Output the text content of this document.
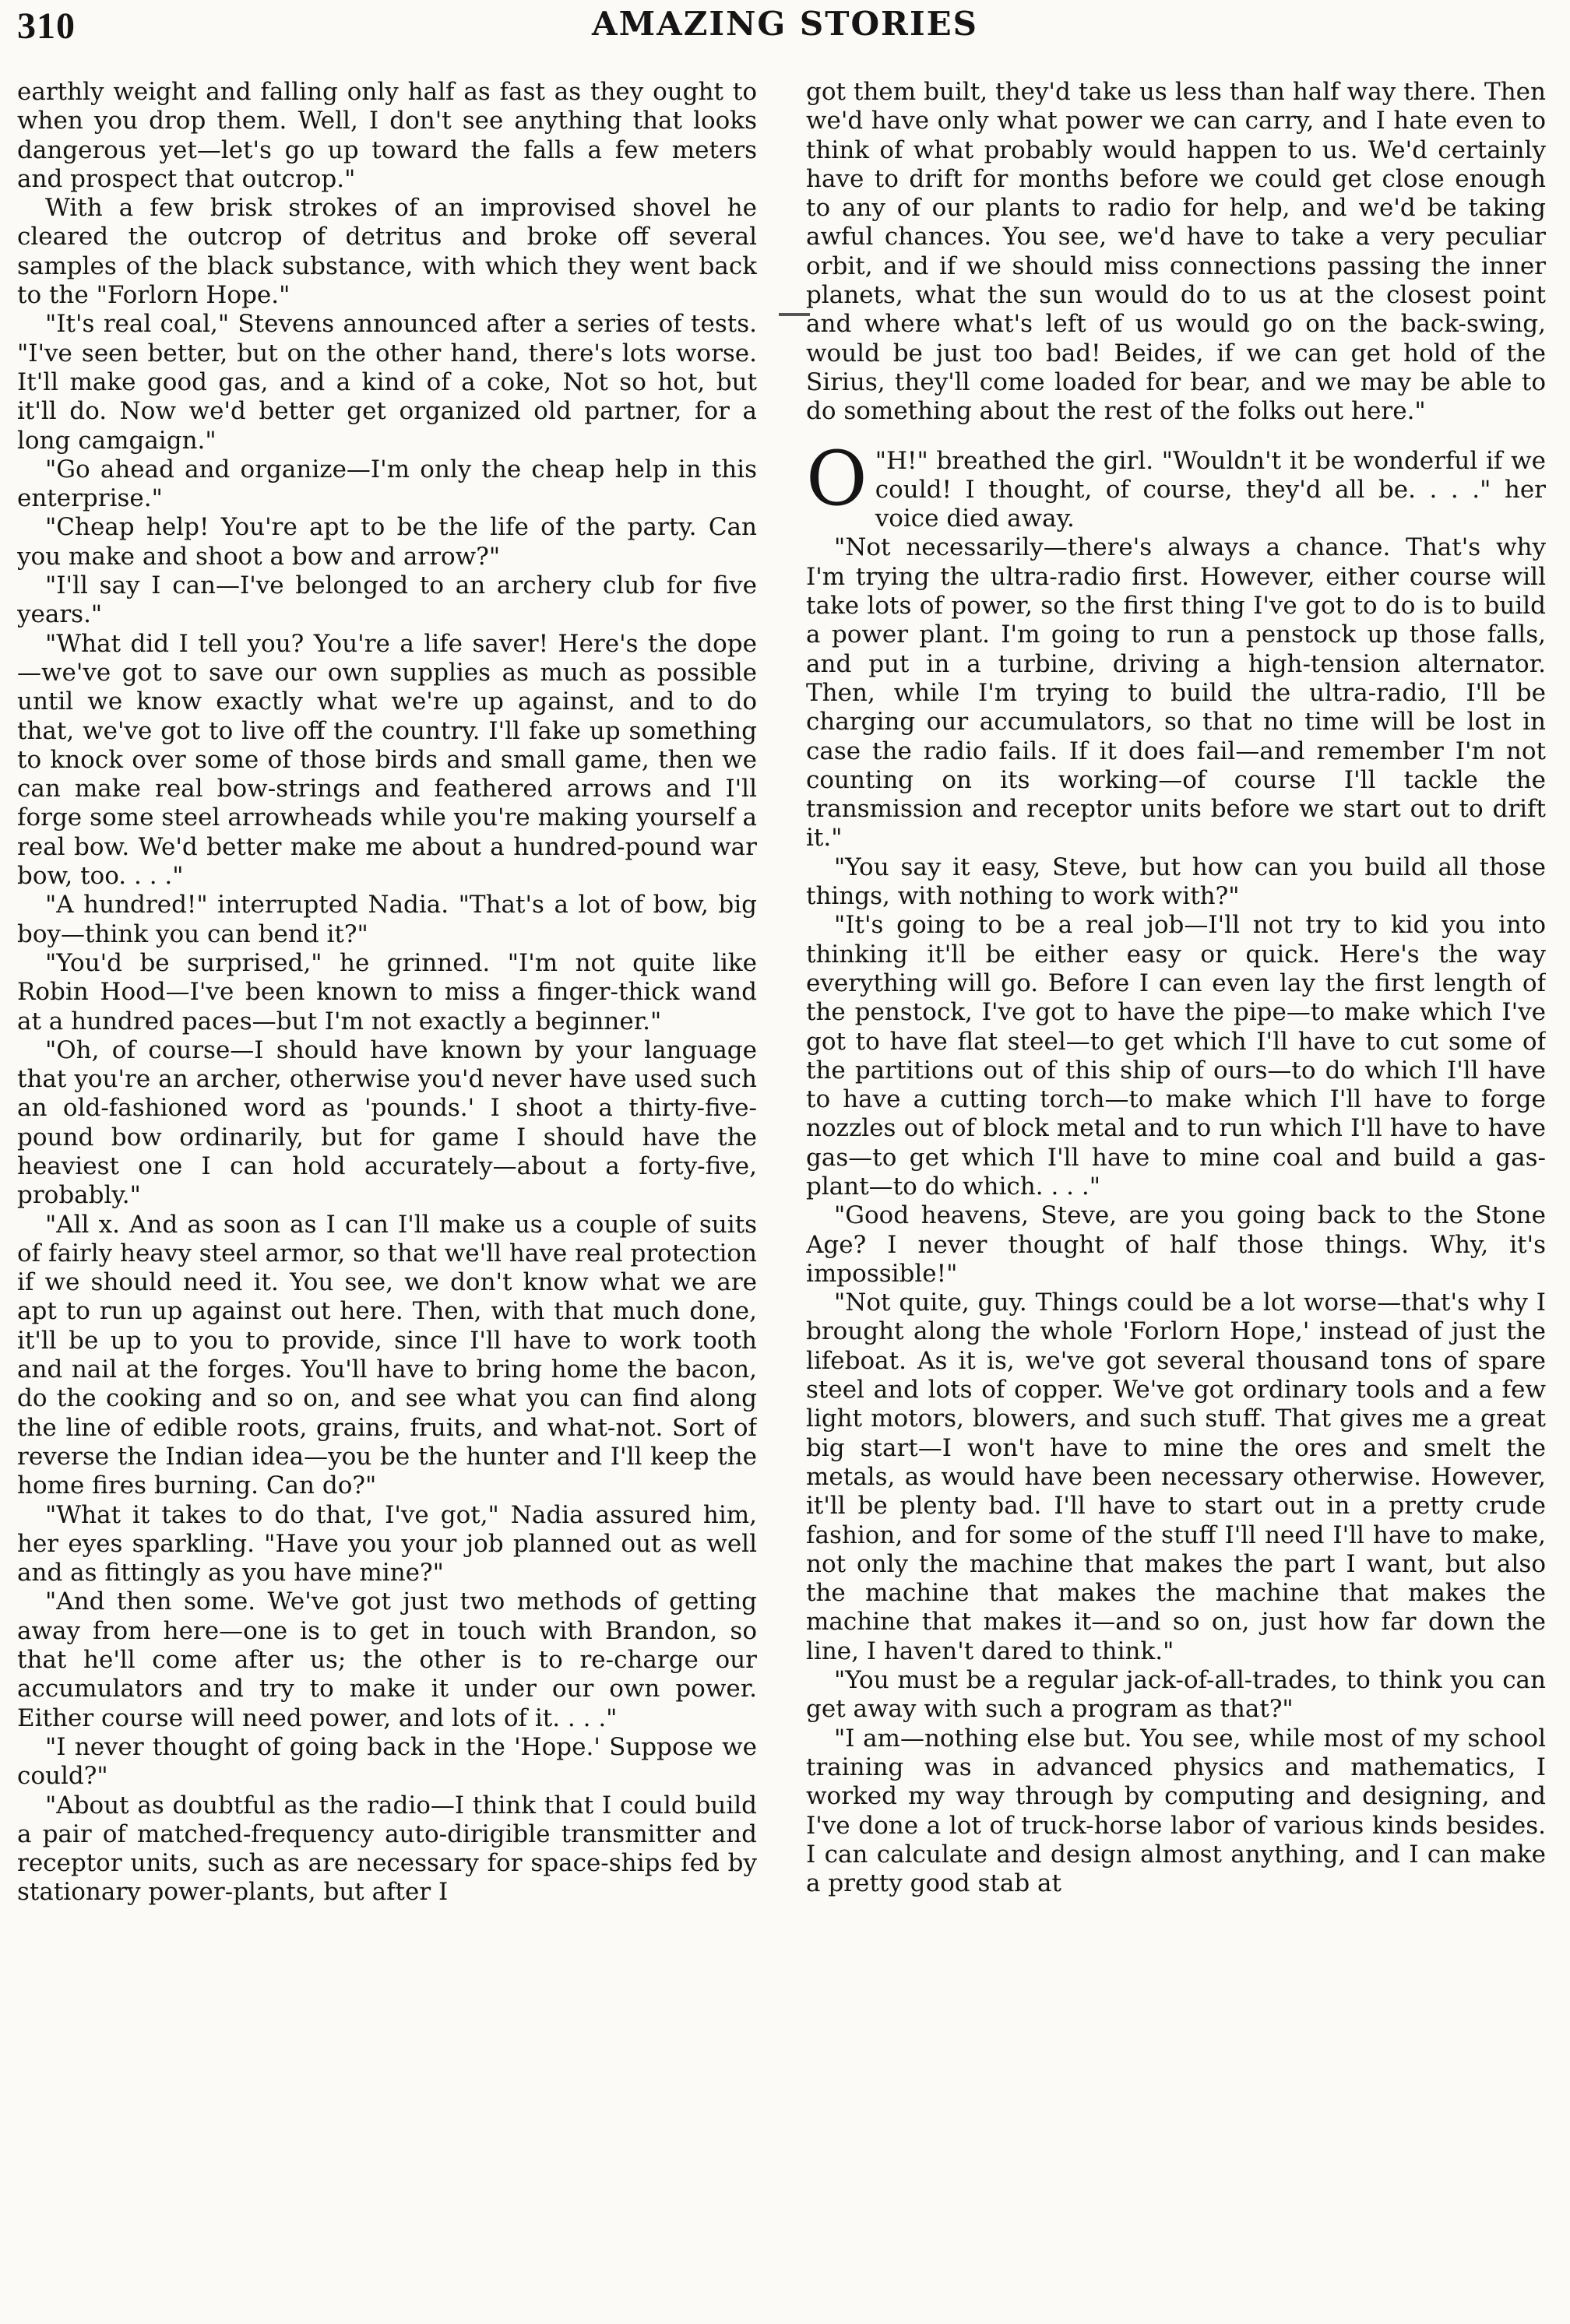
310	AMAZING STORIES

earthly weight and falling only half as fast as they ought to when you drop them. Well, I don't see anything that looks dangerous yet—let's go up toward the falls a few meters and prospect that outcrop."

With a few brisk strokes of an improvised shovel he cleared the outcrop of detritus and broke off several samples of the black substance, with which they went back to the "Forlorn Hope."

"It's real coal," Stevens announced after a series of tests. "I've seen better, but on the other hand, there's lots worse. It'll make good gas, and a kind of a coke, Not so hot, but it'll do. Now we'd better get organized old partner, for a long camgaign."

"Go ahead and organize—I'm only the cheap help in this enterprise."

"Cheap help! You're apt to be the life of the party. Can you make and shoot a bow and arrow?"

"I'll say I can—I've belonged to an archery club for five years."

"What did I tell you? You're a life saver! Here's the dope—we've got to save our own supplies as much as possible until we know exactly what we're up against, and to do that, we've got to live off the country. I'll fake up something to knock over some of those birds and small game, then we can make real bow-strings and feathered arrows and I'll forge some steel arrowheads while you're making yourself a real bow. We'd better make me about a hundred-pound war bow, too. . . ."

"A hundred!" interrupted Nadia. "That's a lot of bow, big boy—think you can bend it?"

"You'd be surprised," he grinned. "I'm not quite like Robin Hood—I've been known to miss a finger-thick wand at a hundred paces—but I'm not exactly a beginner."

"Oh, of course—I should have known by your language that you're an archer, otherwise you'd never have used such an old-fashioned word as 'pounds.' I shoot a thirty-five-pound bow ordinarily, but for game I should have the heaviest one I can hold accurately—about a forty-five, probably."

"All x. And as soon as I can I'll make us a couple of suits of fairly heavy steel armor, so that we'll have real protection if we should need it. You see, we don't know what we are apt to run up against out here. Then, with that much done, it'll be up to you to provide, since I'll have to work tooth and nail at the forges. You'll have to bring home the bacon, do the cooking and so on, and see what you can find along the line of edible roots, grains, fruits, and what-not. Sort of reverse the Indian idea—you be the hunter and I'll keep the home fires burning. Can do?"

"What it takes to do that, I've got," Nadia assured him, her eyes sparkling. "Have you your job planned out as well and as fittingly as you have mine?"

"And then some. We've got just two methods of getting away from here—one is to get in touch with Brandon, so that he'll come after us; the other is to re-charge our accumulators and try to make it under our own power. Either course will need power, and lots of it. . . ."

"I never thought of going back in the 'Hope.' Suppose we could?"

"About as doubtful as the radio—I think that I could build a pair of matched-frequency auto-dirigible transmitter and receptor units, such as are necessary for space-ships fed by stationary power-plants, but after I

got them built, they'd take us less than half way there. Then we'd have only what power we can carry, and I hate even to think of what probably would happen to us. We'd certainly have to drift for months before we could get close enough to any of our plants to radio for help, and we'd be taking awful chances. You see, we'd have to take a very peculiar orbit, and if we should miss connections passing the inner planets, what the sun would do to us at the closest point and where what's left of us would go on the back-swing, would be just too bad! Beides, if we can get hold of the Sirius, they'll come loaded for bear, and we may be able to do something about the rest of the folks out here."

"
O H!" breathed the girl. "Wouldn't it be wonderful if we could! I thought, of course, they'd all be. . . ." her voice died away.

"Not necessarily—there's always a chance. That's why I'm trying the ultra-radio first. However, either course will take lots of power, so the first thing I've got to do is to build a power plant. I'm going to run a penstock up those falls, and put in a turbine, driving a high-tension alternator. Then, while I'm trying to build the ultra-radio, I'll be charging our accumulators, so that no time will be lost in case the radio fails. If it does fail—and remember I'm not counting on its working—of course I'll tackle the transmission and receptor units before we start out to drift it."

"You say it easy, Steve, but how can you build all those things, with nothing to work with?"

"It's going to be a real job—I'll not try to kid you into thinking it'll be either easy or quick. Here's the way everything will go. Before I can even lay the first length of the penstock, I've got to have the pipe—to make which I've got to have flat steel—to get which I'll have to cut some of the partitions out of this ship of ours—to do which I'll have to have a cutting torch—to make which I'll have to forge nozzles out of block metal and to run which I'll have to have gas—to get which I'll have to mine coal and build a gas-plant—to do which. . . ."

"Good heavens, Steve, are you going back to the Stone Age? I never thought of half those things. Why, it's impossible!"

"Not quite, guy. Things could be a lot worse—that's why I brought along the whole 'Forlorn Hope,' instead of just the lifeboat. As it is, we've got several thousand tons of spare steel and lots of copper. We've got ordinary tools and a few light motors, blowers, and such stuff. That gives me a great big start—I won't have to mine the ores and smelt the metals, as would have been necessary otherwise. However, it'll be plenty bad. I'll have to start out in a pretty crude fashion, and for some of the stuff I'll need I'll have to make, not only the machine that makes the part I want, but also the machine that makes the machine that makes the machine that makes it—and so on, just how far down the line, I haven't dared to think."

"You must be a regular jack-of-all-trades, to think you can get away with such a program as that?"

"I am—nothing else but. You see, while most of my school training was in advanced physics and mathematics, I worked my way through by computing and designing, and I've done a lot of truck-horse labor of various kinds besides. I can calculate and design almost anything, and I can make a pretty good stab at
